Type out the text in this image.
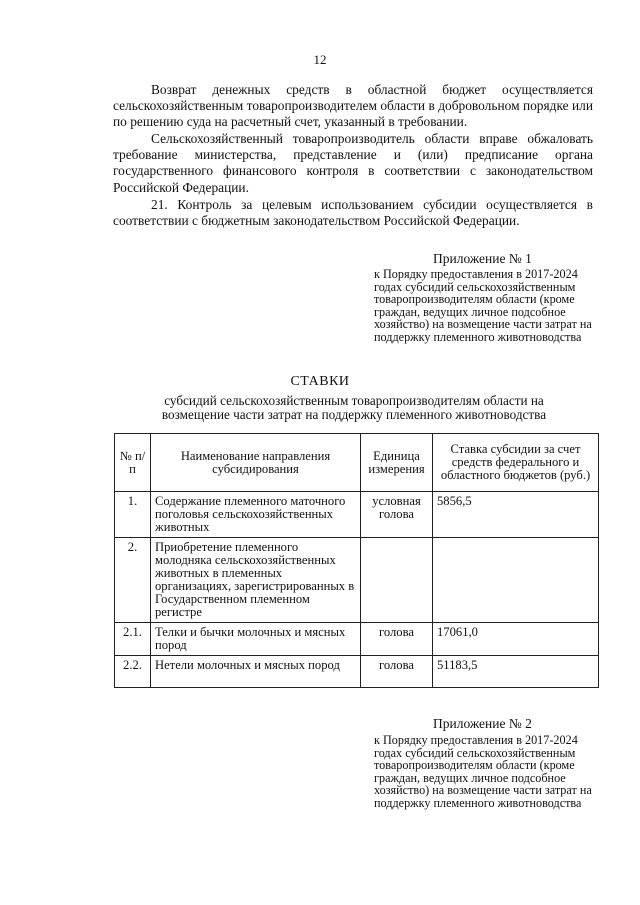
12

Возврат денежных средств в областной бюджет осуществляется сельскохозяйственным товаропроизводителем области в добровольном порядке или по решению суда на расчетный счет, указанный в требовании.

Сельскохозяйственный товаропроизводитель области вправе обжаловать требование министерства, представление и (или) предписание органа государственного финансового контроля в соответствии с законодательством Российской Федерации.

21. Контроль за целевым использованием субсидии осуществляется в соответствии с бюджетным законодательством Российской Федерации.

Приложение № 1
к Порядку предоставления в 2017-2024 годах субсидий сельскохозяйственным товаропроизводителям области (кроме граждан, ведущих личное подсобное хозяйство) на возмещение части затрат на поддержку племенного животноводства
СТАВКИ
субсидий сельскохозяйственным товаропроизводителям области на возмещение части затрат на поддержку племенного животноводства
№ п/п	Наименование направления субсидирования	Единица измерения	Ставка субсидии за счет средств федерального и областного бюджетов (руб.)
1.	Содержание племенного маточного поголовья сельскохозяйственных животных	условная голова	5856,5
2.	Приобретение племенного молодняка сельскохозяйственных животных в племенных организациях, зарегистрированных в Государственном племенном регистре		
2.1.	Телки и бычки молочных и мясных пород	голова	17061,0
2.2.	Нетели молочных и мясных пород	голова	51183,5
Приложение № 2
к Порядку предоставления в 2017-2024 годах субсидий сельскохозяйственным товаропроизводителям области (кроме граждан, ведущих личное подсобное хозяйство) на возмещение части затрат на поддержку племенного животноводства
